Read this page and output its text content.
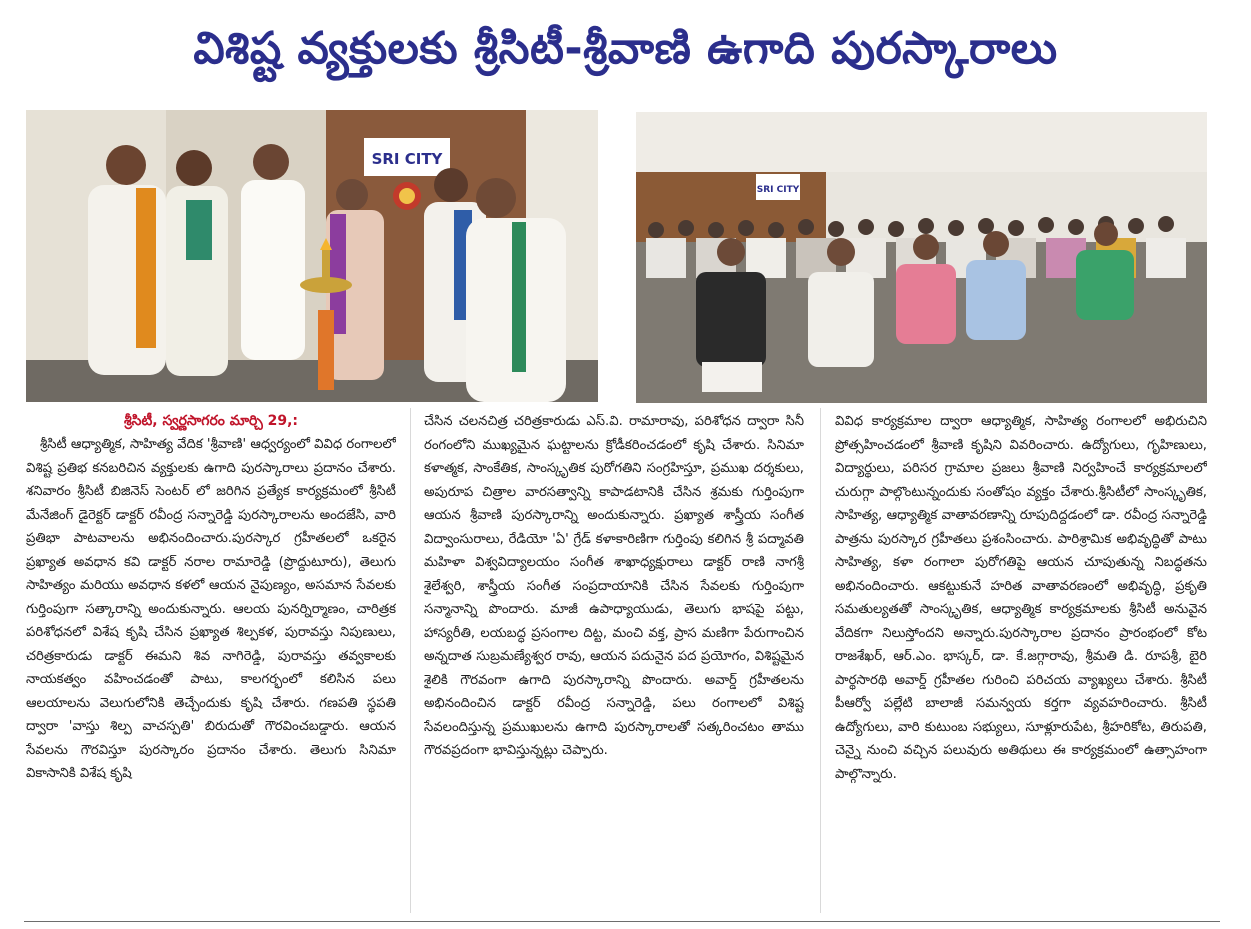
విశిష్ట వ్యక్తులకు శ్రీసిటీ-శ్రీవాణి ఉగాది పురస్కారాలు
SRI CITY
SRI CITY
శ్రీసిటీ, స్వర్ణసాగరం మార్చి 29,:

శ్రీసిటీ ఆధ్యాత్మిక, సాహిత్య వేదిక 'శ్రీవాణి' ఆధ్వర్యంలో వివిధ రంగాలలో విశిష్ట ప్రతిభ కనబరిచిన వ్యక్తులకు ఉగాది పురస్కారాలు ప్రదానం చేశారు. శనివారం శ్రీసిటీ బిజినెస్ సెంటర్ లో జరిగిన ప్రత్యేక కార్యక్రమంలో శ్రీసిటీ మేనేజింగ్ డైరెక్టర్ డాక్టర్ రవీంద్ర సన్నారెడ్డి పురస్కారాలను అందజేసి, వారి ప్రతిభా పాటవాలను అభినందించారు.పురస్కార గ్రహీతలలో ఒకరైన ప్రఖ్యాత అవధాన కవి డాక్టర్ నరాల రామారెడ్డి (ప్రొద్దుటూరు), తెలుగు సాహిత్యం మరియు అవధాన కళలో ఆయన నైపుణ్యం, అసమాన సేవలకు గుర్తింపుగా సత్కారాన్ని అందుకున్నారు. ఆలయ పునర్నిర్మాణం, చారిత్రక పరిశోధనలో విశేష కృషి చేసిన ప్రఖ్యాత శిల్పకళ, పురావస్తు నిపుణులు, చరిత్రకారుడు డాక్టర్ ఈమని శివ నాగిరెడ్డి, పురావస్తు తవ్వకాలకు నాయకత్వం వహించడంతో పాటు, కాలగర్భంలో కలిసిన పలు ఆలయాలను వెలుగులోనికి తెచ్చేందుకు కృషి చేశారు. గణపతి స్థపతి ద్వారా 'వాస్తు శిల్ప వాచస్పతి' బిరుదుతో గౌరవించబడ్డారు. ఆయన సేవలను గౌరవిస్తూ పురస్కారం ప్రదానం చేశారు. తెలుగు సినిమా వికాసానికి విశేష కృషి

చేసిన చలనచిత్ర చరిత్రకారుడు ఎస్.వి. రామారావు, పరిశోధన ద్వారా సినీ రంగంలోని ముఖ్యమైన ఘట్టాలను క్రోడీకరించడంలో కృషి చేశారు. సినిమా కళాత్మక, సాంకేతిక, సాంస్కృతిక పురోగతిని సంగ్రహిస్తూ, ప్రముఖ దర్శకులు, అపురూప చిత్రాల వారసత్వాన్ని కాపాడటానికి చేసిన శ్రమకు గుర్తింపుగా ఆయన శ్రీవాణి పురస్కారాన్ని అందుకున్నారు. ప్రఖ్యాత శాస్త్రీయ సంగీత విద్వాంసురాలు, రేడియో 'ఏ' గ్రేడ్ కళాకారిణిగా గుర్తింపు కలిగిన శ్రీ పద్మావతి మహిళా విశ్వవిద్యాలయం సంగీత శాఖాధ్యక్షురాలు డాక్టర్ రాణి నాగశ్రీ శైలేశ్వరి, శాస్త్రీయ సంగీత సంప్రదాయానికి చేసిన సేవలకు గుర్తింపుగా సన్మానాన్ని పొందారు. మాజీ ఉపాధ్యాయుడు, తెలుగు భాషపై పట్టు, హాస్యరీతి, లయబద్ధ ప్రసంగాల దిట్ట, మంచి వక్త, ప్రాస మణిగా పేరుగాంచిన అన్నదాత సుబ్రమణ్యేశ్వర రావు, ఆయన పదునైన పద ప్రయోగం, విశిష్టమైన శైలికి గౌరవంగా ఉగాది పురస్కారాన్ని పొందారు. అవార్డ్ గ్రహీతలను అభినందించిన డాక్టర్ రవీంద్ర సన్నారెడ్డి, పలు రంగాలలో విశిష్ట సేవలందిస్తున్న ప్రముఖులను ఉగాది పురస్కారాలతో సత్కరించటం తాము గౌరవప్రదంగా భావిస్తున్నట్లు చెప్పారు.

వివిధ కార్యక్రమాల ద్వారా ఆధ్యాత్మిక, సాహిత్య రంగాలలో అభిరుచిని ప్రోత్సహించడంలో శ్రీవాణి కృషిని వివరించారు. ఉద్యోగులు, గృహిణులు, విద్యార్థులు, పరిసర గ్రామాల ప్రజలు శ్రీవాణి నిర్వహించే కార్యక్రమాలలో చురుగ్గా పాల్గొంటున్నందుకు సంతోషం వ్యక్తం చేశారు.శ్రీసిటీలో సాంస్కృతిక, సాహిత్య, ఆధ్యాత్మిక వాతావరణాన్ని రూపుదిద్దడంలో డా. రవీంద్ర సన్నారెడ్డి పాత్రను పురస్కార గ్రహీతలు ప్రశంసించారు. పారిశ్రామిక అభివృద్ధితో పాటు సాహిత్య, కళా రంగాలా పురోగతిపై ఆయన చూపుతున్న నిబద్ధతను అభినందించారు. ఆకట్టుకునే హరిత వాతావరణంలో అభివృద్ధి, ప్రకృతి సమతుల్యతతో సాంస్కృతిక, ఆధ్యాత్మిక కార్యక్రమాలకు శ్రీసిటీ అనువైన వేదికగా నిలుస్తోందని అన్నారు.పురస్కారాల ప్రదానం ప్రారంభంలో కోట రాజశేఖర్, ఆర్.ఎం. భాస్కర్, డా. కే.జగ్గారావు, శ్రీమతి డి. రూపశ్రీ, బైరి పార్థసారథి అవార్డ్ గ్రహీతల గురించి పరిచయ వ్యాఖ్యలు చేశారు. శ్రీసిటీ పీఆర్వో పల్లేటి బాలాజీ సమన్వయ కర్తగా వ్యవహరించారు. శ్రీసిటీ ఉద్యోగులు, వారి కుటుంబ సభ్యులు, సూళ్లూరుపేట, శ్రీహరికోట, తిరుపతి, చెన్నై నుంచి వచ్చిన పలువురు అతిథులు ఈ కార్యక్రమంలో ఉత్సాహంగా పాల్గొన్నారు.
